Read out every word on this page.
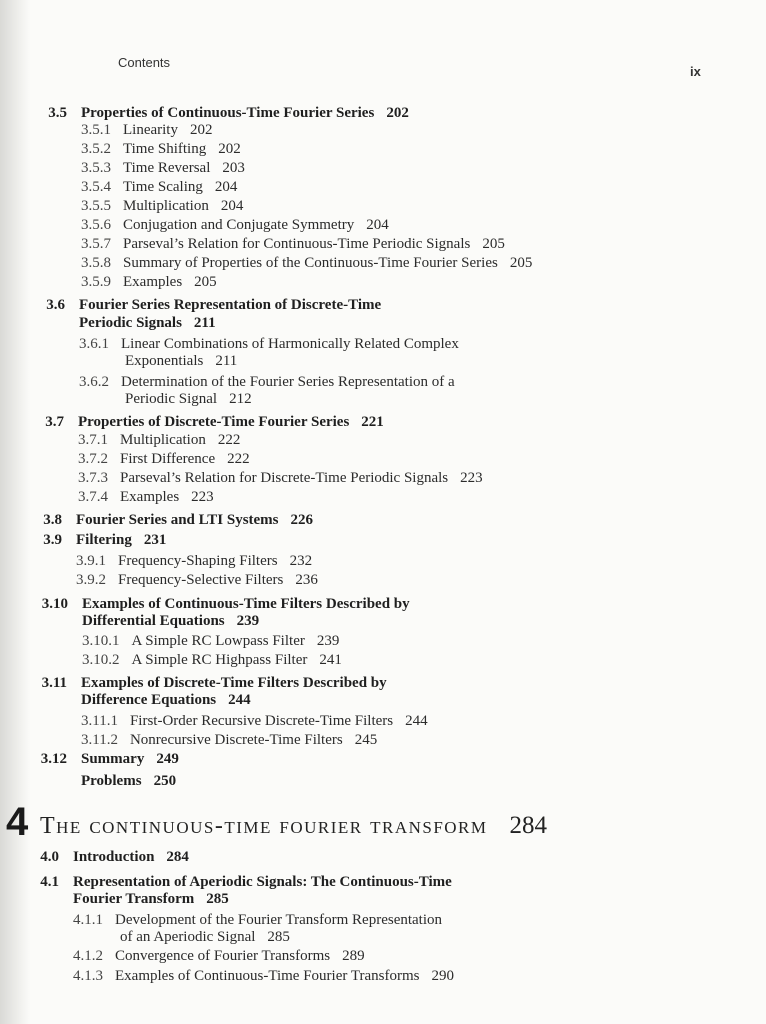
Contents
ix
3.5 Properties of Continuous-Time Fourier Series 202
3.5.1 Linearity 202
3.5.2 Time Shifting 202
3.5.3 Time Reversal 203
3.5.4 Time Scaling 204
3.5.5 Multiplication 204
3.5.6 Conjugation and Conjugate Symmetry 204
3.5.7 Parseval’s Relation for Continuous-Time Periodic Signals 205
3.5.8 Summary of Properties of the Continuous-Time Fourier Series 205
3.5.9 Examples 205
3.6 Fourier Series Representation of Discrete-Time
Periodic Signals 211
3.6.1 Linear Combinations of Harmonically Related Complex
Exponentials 211
3.6.2 Determination of the Fourier Series Representation of a
Periodic Signal 212
3.7 Properties of Discrete-Time Fourier Series 221
3.7.1 Multiplication 222
3.7.2 First Difference 222
3.7.3 Parseval’s Relation for Discrete-Time Periodic Signals 223
3.7.4 Examples 223
3.8 Fourier Series and LTI Systems 226
3.9 Filtering 231
3.9.1 Frequency-Shaping Filters 232
3.9.2 Frequency-Selective Filters 236
3.10 Examples of Continuous-Time Filters Described by
Differential Equations 239
3.10.1 A Simple RC Lowpass Filter 239
3.10.2 A Simple RC Highpass Filter 241
3.11 Examples of Discrete-Time Filters Described by
Difference Equations 244
3.11.1 First-Order Recursive Discrete-Time Filters 244
3.11.2 Nonrecursive Discrete-Time Filters 245
3.12 Summary 249
Problems 250
4 The continuous-time fourier transform 284
4.0 Introduction 284
4.1 Representation of Aperiodic Signals: The Continuous-Time
Fourier Transform 285
4.1.1 Development of the Fourier Transform Representation
of an Aperiodic Signal 285
4.1.2 Convergence of Fourier Transforms 289
4.1.3 Examples of Continuous-Time Fourier Transforms 290
